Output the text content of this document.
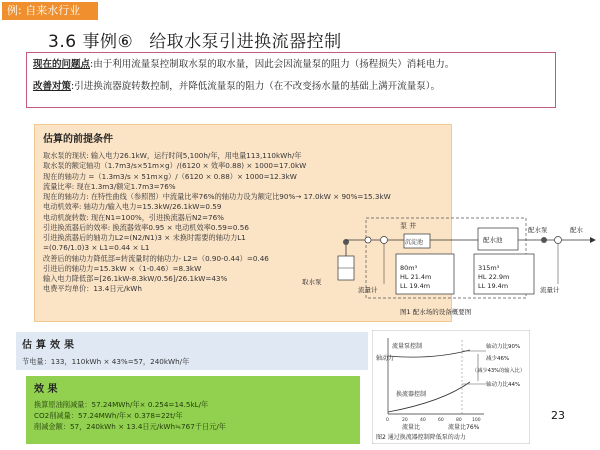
例: 自来水行业
3.6 事例⑥ 给取水泵引进换流器控制
现在的问题点:由于利用流量泵控制取水泵的取水量，因此会因流量泵的阻力（扬程损失）消耗电力。
改善对策:引进换流器旋转数控制，并降低流量泵的阻力（在不改变扬水量的基础上满开流量泵）。
估算的前提条件
取水泵的现状: 输入电力26.1kW，运行时间5,100h/年，用电量113,110kWh/年
取水泵的额定轴功（1.7m3/s×51m×g）/(6120 × 效率0.88) × 1000=17.0kW
现在的轴功力 =（1.3m3/s × 51m×g）/（6120 × 0.88）× 1000=12.3kW
流量比率: 现在1.3m3/额定1.7m3=76%
现在的轴功力: 在特性曲线（参照图）中流量比率76%的轴功力设为额定比90%→ 17.0kW × 90%=15.3kW
电动机效率: 轴功力/输入电力=15.3kW/26.1kW=0.59
电动机旋转数: 现在N1=100%，引进换流器后N2=76%
引进换流器后的效率: 换流器效率0.95 × 电动机效率0.59=0.56
引进换流器后的轴功力L2=(N2/N1)3 × 未换时需要的轴功力L1
=(0.76/1.0)3 × L1=0.44 × L1
改善后的轴功力降低部=转流量时的轴功力- L2=（0.90-0.44）=0.46
引进后的轴功力=15.3kW ×（1-0.46）=8.3kW
输入电力降低部=[26.1kW-8.3kW/0.56]/26.1kW=43%
电费平均单价：13.4日元/kWh
估算效果
节电量：133，110kWh × 43%=57，240kWh/年
效 果
换算原油削减量：57.24MWh/年× 0.254=14.5kL/年
CO2削减量：57.24MWh/年× 0.378=22t/年
削减金额：57，240kWh × 13.4日元/kWh≒767千日元/年
泵 井
取水泵
流量计
沉淀池
80m³
HL 21.4m
LL 19.4m
配水池
315m³
HL 22.9m
LL 19.4m
配水泵
流量计
配水
图1 配水场的设备概要图
轴动力
流量泵控制
换流器控制
轴动力比90%
减少46%
（减少43%的输入比）
轴动力比44%
0	20	40	60	80 100
流量比	流量比76%
图2 通过换流器控制降低泵的动力
23
